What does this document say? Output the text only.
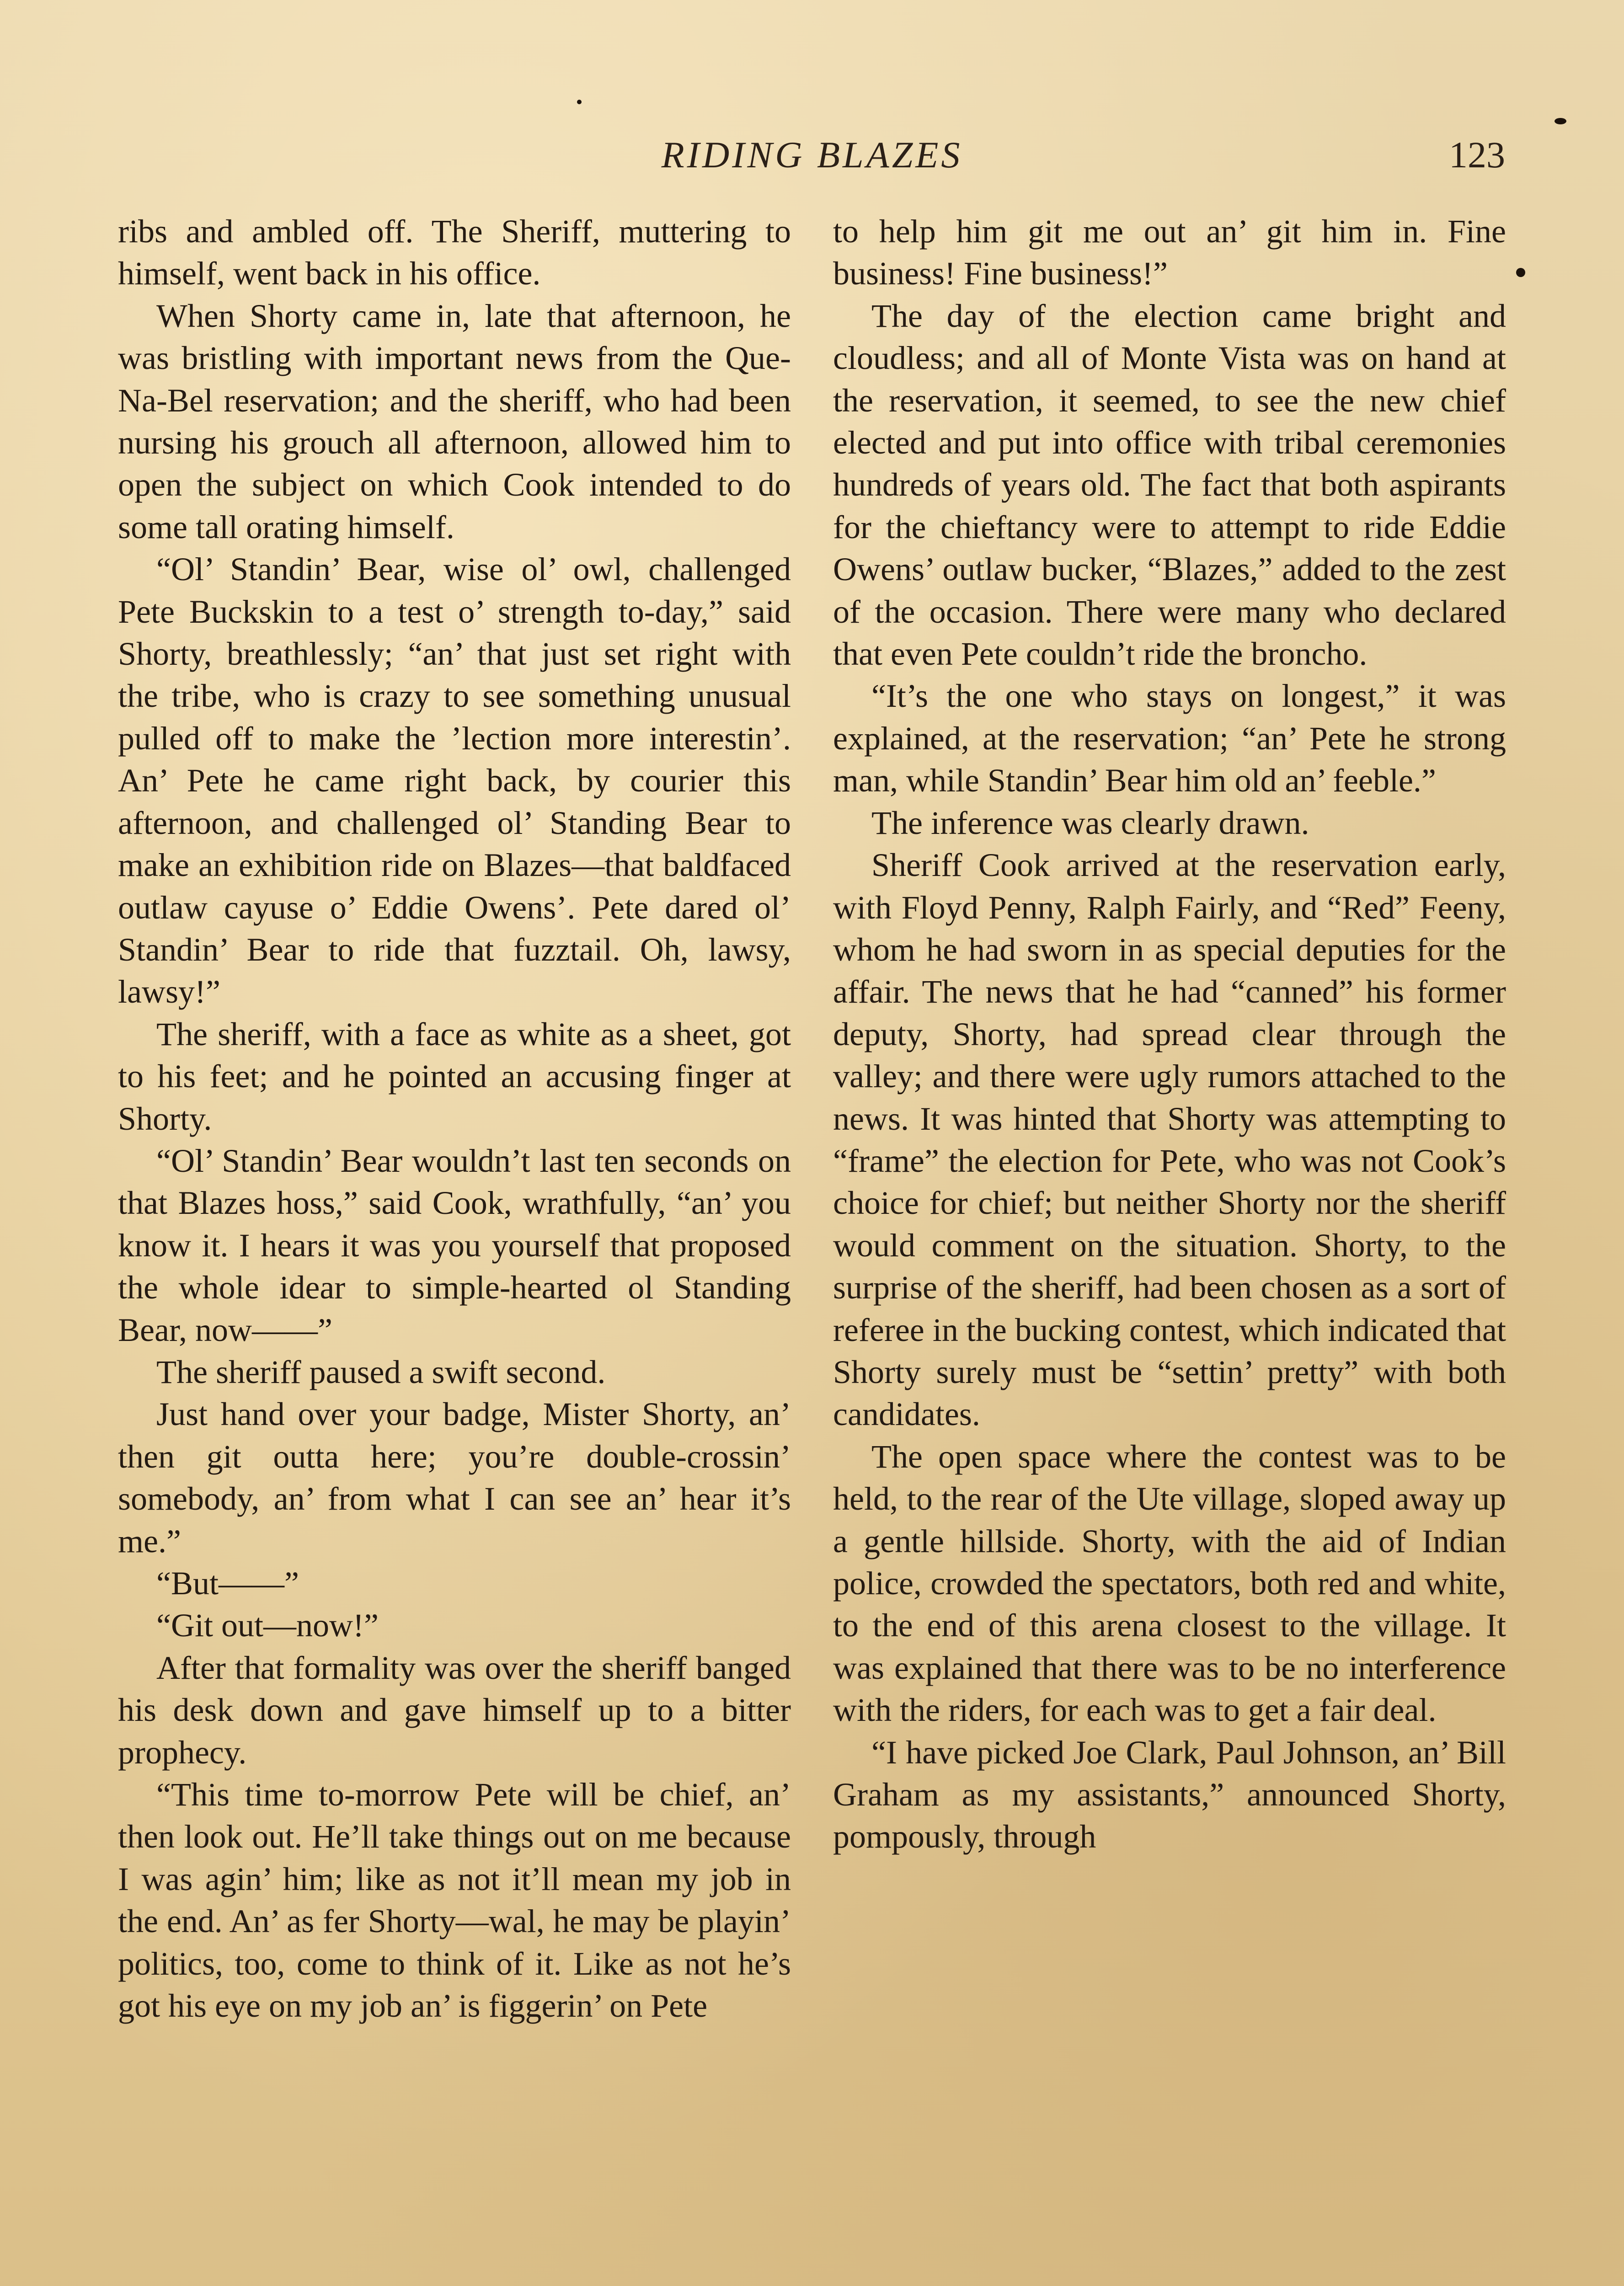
RIDING BLAZES	123

ribs and ambled off. The Sheriff, muttering to himself, went back in his office.

When Shorty came in, late that afternoon, he was bristling with important news from the Que-Na-Bel reservation; and the sheriff, who had been nursing his grouch all afternoon, allowed him to open the subject on which Cook intended to do some tall orating himself.

“Ol’ Standin’ Bear, wise ol’ owl, challenged Pete Buckskin to a test o’ strength to-day,” said Shorty, breathlessly; “an’ that just set right with the tribe, who is crazy to see something unusual pulled off to make the ’lection more interestin’. An’ Pete he came right back, by courier this afternoon, and challenged ol’ Standing Bear to make an exhibition ride on Blazes—that baldfaced outlaw cayuse o’ Eddie Owens’. Pete dared ol’ Standin’ Bear to ride that fuzztail. Oh, lawsy, lawsy!”

The sheriff, with a face as white as a sheet, got to his feet; and he pointed an accusing finger at Shorty.

“Ol’ Standin’ Bear wouldn’t last ten seconds on that Blazes hoss,” said Cook, wrathfully, “an’ you know it. I hears it was you yourself that proposed the whole idear to simple-hearted ol Standing Bear, now——”

The sheriff paused a swift second.

Just hand over your badge, Mister Shorty, an’ then git outta here; you’re double-crossin’ somebody, an’ from what I can see an’ hear it’s me.”

“But——”

“Git out—now!”

After that formality was over the sheriff banged his desk down and gave himself up to a bitter prophecy.

“This time to-morrow Pete will be chief, an’ then look out. He’ll take things out on me because I was agin’ him; like as not it’ll mean my job in the end. An’ as fer Shorty—wal, he may be playin’ politics, too, come to think of it. Like as not he’s got his eye on my job an’ is figgerin’ on Pete

to help him git me out an’ git him in. Fine business! Fine business!”

The day of the election came bright and cloudless; and all of Monte Vista was on hand at the reservation, it seemed, to see the new chief elected and put into office with tribal ceremonies hundreds of years old. The fact that both aspirants for the chieftancy were to attempt to ride Eddie Owens’ outlaw bucker, “Blazes,” added to the zest of the occasion. There were many who declared that even Pete couldn’t ride the broncho.

“It’s the one who stays on longest,” it was explained, at the reservation; “an’ Pete he strong man, while Standin’ Bear him old an’ feeble.”

The inference was clearly drawn.

Sheriff Cook arrived at the reservation early, with Floyd Penny, Ralph Fairly, and “Red” Feeny, whom he had sworn in as special deputies for the affair. The news that he had “canned” his former deputy, Shorty, had spread clear through the valley; and there were ugly rumors attached to the news. It was hinted that Shorty was attempting to “frame” the election for Pete, who was not Cook’s choice for chief; but neither Shorty nor the sheriff would comment on the situation. Shorty, to the surprise of the sheriff, had been chosen as a sort of referee in the bucking contest, which indicated that Shorty surely must be “settin’ pretty” with both candidates.

The open space where the contest was to be held, to the rear of the Ute village, sloped away up a gentle hillside. Shorty, with the aid of Indian police, crowded the spectators, both red and white, to the end of this arena closest to the village. It was explained that there was to be no interference with the riders, for each was to get a fair deal.

“I have picked Joe Clark, Paul Johnson, an’ Bill Graham as my assistants,” announced Shorty, pompously, through
